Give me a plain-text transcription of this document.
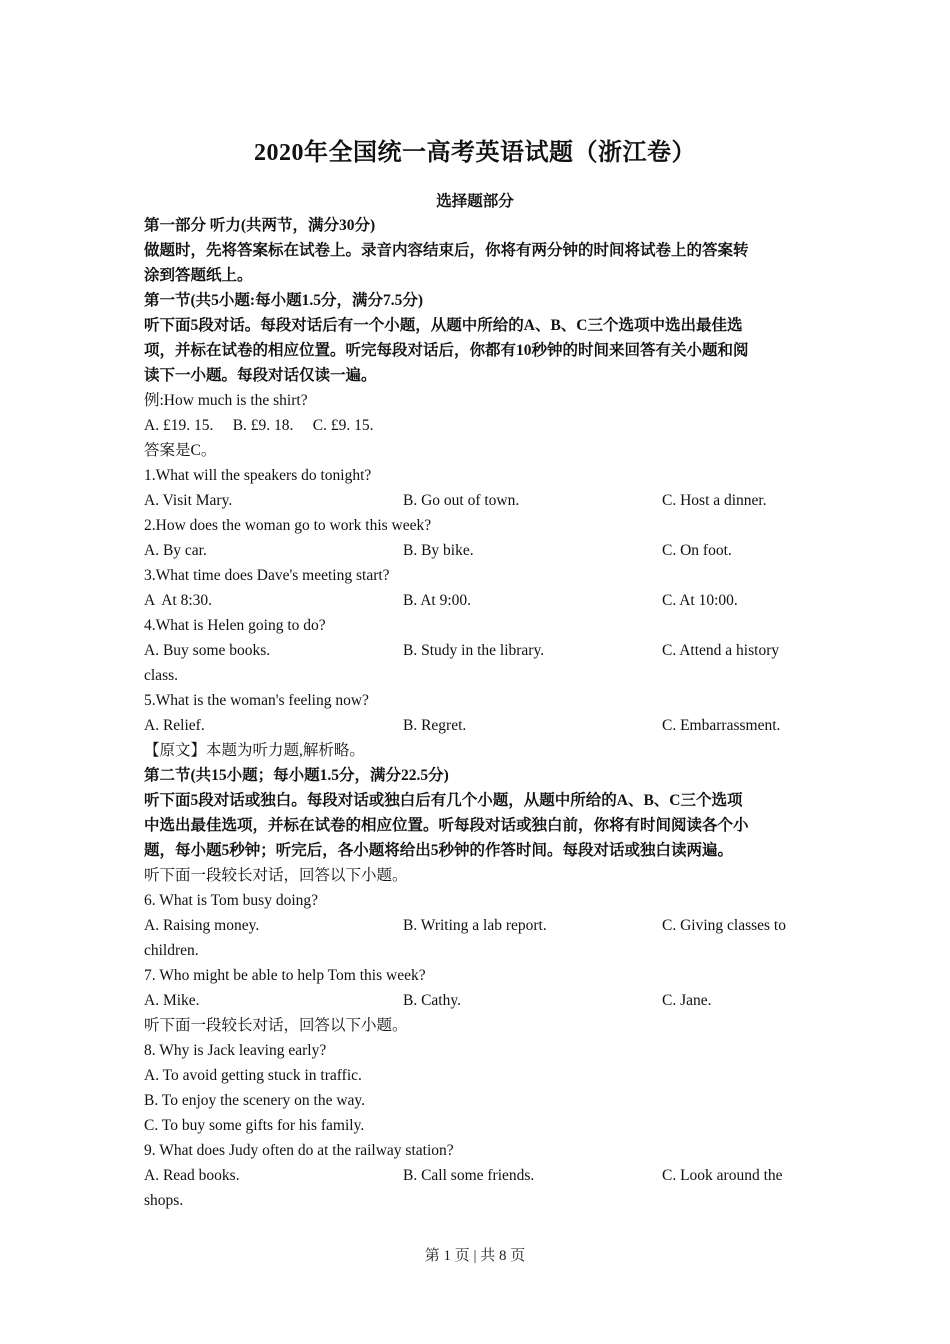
2020年全国统一高考英语试题（浙江卷）
选择题部分
第一部分 听力(共两节，满分30分)
做题时，先将答案标在试卷上。录音内容结束后，你将有两分钟的时间将试卷上的答案转
涂到答题纸上。
第一节(共5小题:每小题1.5分，满分7.5分)
听下面5段对话。每段对话后有一个小题，从题中所给的A、B、C三个选项中选出最佳选
项，并标在试卷的相应位置。听完每段对话后，你都有10秒钟的时间来回答有关小题和阅
读下一小题。每段对话仅读一遍。
例:How much is the shirt?
A. £19. 15.     B. £9. 18.     C. £9. 15.
答案是C。
1.What will the speakers do tonight?
A. Visit Mary.	B. Go out of town.	C. Host a dinner.
2.How does the woman go to work this week?
A. By car.	B. By bike.	C. On foot.
3.What time does Dave's meeting start?
A  At 8:30.	B. At 9:00.	C. At 10:00.
4.What is Helen going to do?
A. Buy some books.	B. Study in the library.	C. Attend a history
class.
5.What is the woman's feeling now?
A. Relief.	B. Regret.	C. Embarrassment.
【原文】本题为听力题,解析略。
第二节(共15小题；每小题1.5分，满分22.5分)
听下面5段对话或独白。每段对话或独白后有几个小题，从题中所给的A、B、C三个选项
中选出最佳选项，并标在试卷的相应位置。听每段对话或独白前，你将有时间阅读各个小
题，每小题5秒钟；听完后，各小题将给出5秒钟的作答时间。每段对话或独白读两遍。
听下面一段较长对话，回答以下小题。
6. What is Tom busy doing?
A. Raising money.	B. Writing a lab report.	C. Giving classes to
children.
7. Who might be able to help Tom this week?
A. Mike.	B. Cathy.	C. Jane.
听下面一段较长对话，回答以下小题。
8. Why is Jack leaving early?
A. To avoid getting stuck in traffic.
B. To enjoy the scenery on the way.
C. To buy some gifts for his family.
9. What does Judy often do at the railway station?
A. Read books.	B. Call some friends.	C. Look around the
shops.
第 1 页 | 共 8 页
